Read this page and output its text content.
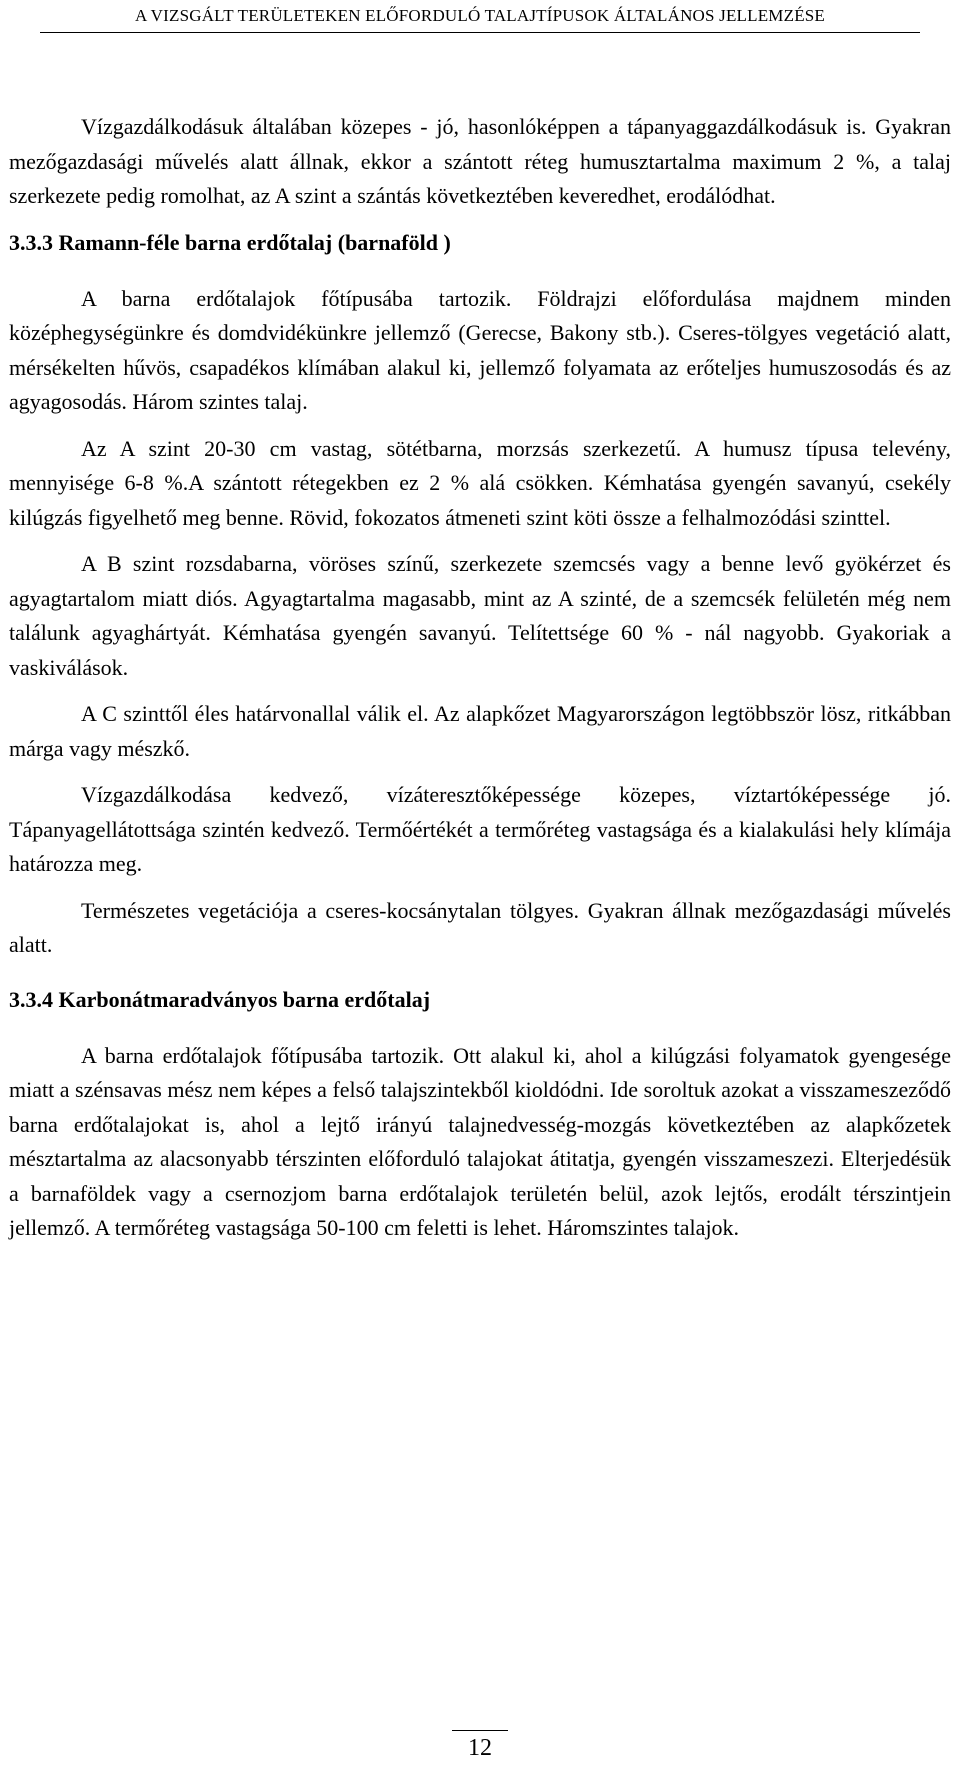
A VIZSGÁLT TERÜLETEKEN ELŐFORDULÓ TALAJTÍPUSOK ÁLTALÁNOS JELLEMZÉSE

Vízgazdálkodásuk általában közepes - jó, hasonlóképpen a tápanyaggazdálkodásuk is. Gyakran mezőgazdasági művelés alatt állnak, ekkor a szántott réteg humusztartalma maximum 2 %, a talaj szerkezete pedig romolhat, az A szint a szántás következtében keveredhet, erodálódhat.

3.3.3 Ramann-féle barna erdőtalaj (barnaföld )

A barna erdőtalajok főtípusába tartozik. Földrajzi előfordulása majdnem minden középhegységünkre és domdvidékünkre jellemző (Gerecse, Bakony stb.). Cseres-tölgyes vegetáció alatt, mérsékelten hűvös, csapadékos klímában alakul ki, jellemző folyamata az erőteljes humuszosodás és az agyagosodás. Három szintes talaj.

Az A szint 20-30 cm vastag, sötétbarna, morzsás szerkezetű. A humusz típusa televény, mennyisége 6-8 %.A szántott rétegekben ez 2 % alá csökken. Kémhatása gyengén savanyú, csekély kilúgzás figyelhető meg benne. Rövid, fokozatos átmeneti szint köti össze a felhalmozódási szinttel.

A B szint rozsdabarna, vöröses színű, szerkezete szemcsés vagy a benne levő gyökérzet és agyagtartalom miatt diós. Agyagtartalma magasabb, mint az A szinté, de a szemcsék felületén még nem találunk agyaghártyát. Kémhatása gyengén savanyú. Telítettsége 60 % - nál nagyobb. Gyakoriak a vaskiválások.

A C szinttől éles határvonallal válik el. Az alapkőzet Magyarországon legtöbbször lösz, ritkábban márga vagy mészkő.

Vízgazdálkodása kedvező, vízáteresztőképessége közepes, víztartóképessége jó. Tápanyagellátottsága szintén kedvező. Termőértékét a termőréteg vastagsága és a kialakulási hely klímája határozza meg.

Természetes vegetációja a cseres-kocsánytalan tölgyes. Gyakran állnak mezőgazdasági művelés alatt.

3.3.4 Karbonátmaradványos barna erdőtalaj

A barna erdőtalajok főtípusába tartozik. Ott alakul ki, ahol a kilúgzási folyamatok gyengesége miatt a szénsavas mész nem képes a felső talajszintekből kioldódni. Ide soroltuk azokat a visszameszeződő barna erdőtalajokat is, ahol a lejtő irányú talajnedvesség-mozgás következtében az alapkőzetek mésztartalma az alacsonyabb térszinten előforduló talajokat átitatja, gyengén visszameszezi. Elterjedésük a barnaföldek vagy a csernozjom barna erdőtalajok területén belül, azok lejtős, erodált térszintjein jellemző. A termőréteg vastagsága 50-100 cm feletti is lehet. Háromszintes talajok.

12
